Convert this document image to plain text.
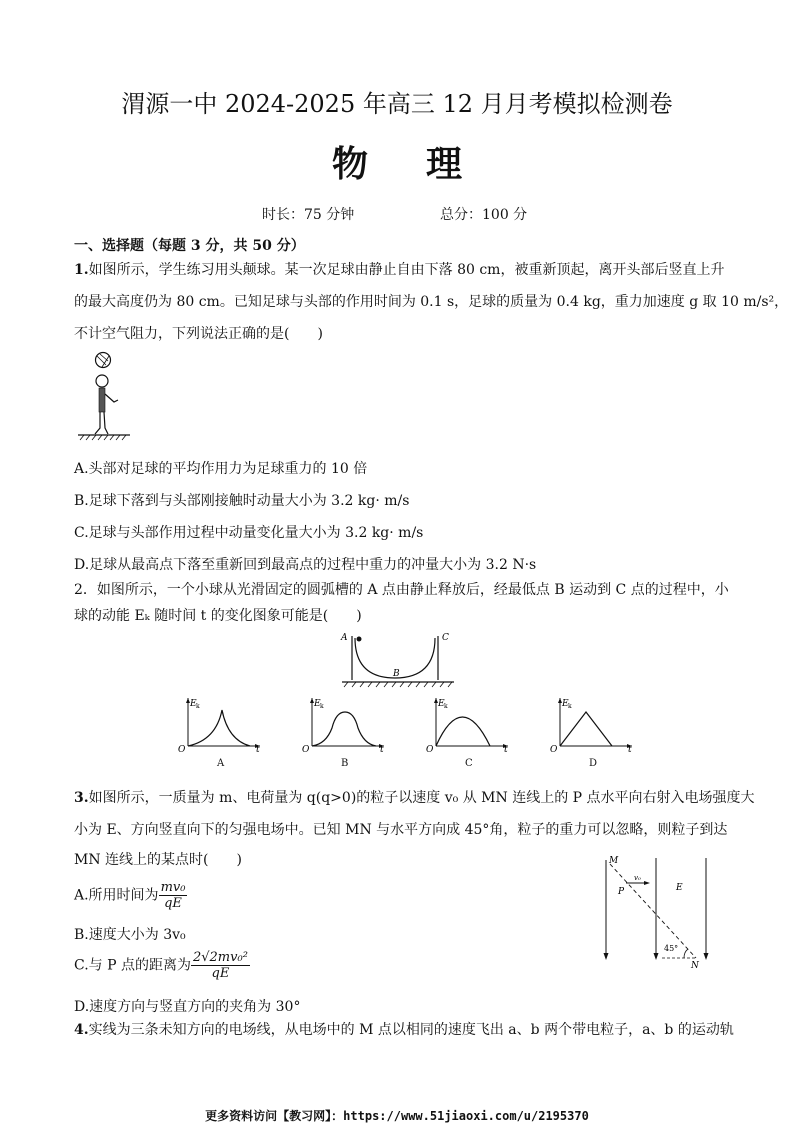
渭源一中 2024-2025 年高三 12 月月考模拟检测卷
物理
时长：75 分钟	总分：100 分
一、选择题（每题 3 分，共 50 分）
1.如图所示，学生练习用头颠球。某一次足球由静止自由下落 80 cm，被重新顶起，离开头部后竖直上升
的最大高度仍为 80 cm。已知足球与头部的作用时间为 0.1 s，足球的质量为 0.4 kg，重力加速度 g 取 10 m/s²，
不计空气阻力，下列说法正确的是(　　)
A.头部对足球的平均作用力为足球重力的 10 倍
B.足球下落到与头部刚接触时动量大小为 3.2 kg· m/s
C.足球与头部作用过程中动量变化量大小为 3.2 kg· m/s
D.足球从最高点下落至重新回到最高点的过程中重力的冲量大小为 3.2 N·s
2．如图所示，一个小球从光滑固定的圆弧槽的 A 点由静止释放后，经最低点 B 运动到 C 点的过程中，小
球的动能 Eₖ 随时间 t 的变化图象可能是(　　)
A	C
B
E k
O	t
A
E k
O	t
B
E k
O	t
C
E k
O	t
D
3.如图所示，一质量为 m、电荷量为 q(q>0)的粒子以速度 v₀ 从 MN 连线上的 P 点水平向右射入电场强度大
小为 E、方向竖直向下的匀强电场中。已知 MN 与水平方向成 45°角，粒子的重力可以忽略，则粒子到达
MN 连线上的某点时(　　)
A.所用时间为 $\frac{\text{mv₀}}{qE}$
B.速度大小为 3v₀
C.与 P 点的距离为 $\frac{\text{2√2mv₀²}}{qE}$
D.速度方向与竖直方向的夹角为 30°
M
P
v₀
E
45°
N
4.实线为三条未知方向的电场线，从电场中的 M 点以相同的速度飞出 a、b 两个带电粒子，a、b 的运动轨
更多资料访问【教习网】：https://www.51jiaoxi.com/u/2195370
